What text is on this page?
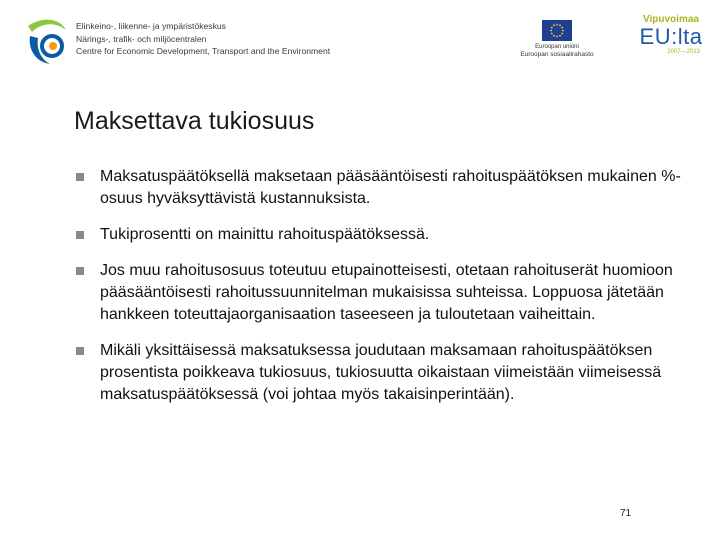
Elinkeino-, liikenne- ja ympäristökeskus
Närings-, trafik- och miljöcentralen
Centre for Economic Development, Transport and the Environment	Euroopan unioni
Euroopan sosiaalirahasto
Vipuvoimaa
EU:lta
2007—2013
Maksettava tukiosuus
Maksatuspäätöksellä maksetaan pääsääntöisesti rahoituspäätöksen mukainen %-osuus hyväksyttävistä kustannuksista.
Tukiprosentti on mainittu rahoituspäätöksessä.
Jos muu rahoitusosuus toteutuu etupainotteisesti, otetaan rahoituserät huomioon pääsääntöisesti rahoitussuunnitelman mukaisissa suhteissa. Loppuosa jätetään hankkeen toteuttajaorganisaation taseeseen ja tuloutetaan vaiheittain.
Mikäli yksittäisessä maksatuksessa joudutaan maksamaan rahoituspäätöksen prosentista poikkeava tukiosuus, tukiosuutta oikaistaan viimeistään viimeisessä maksatuspäätöksessä (voi johtaa myös takaisinperintään).
71
